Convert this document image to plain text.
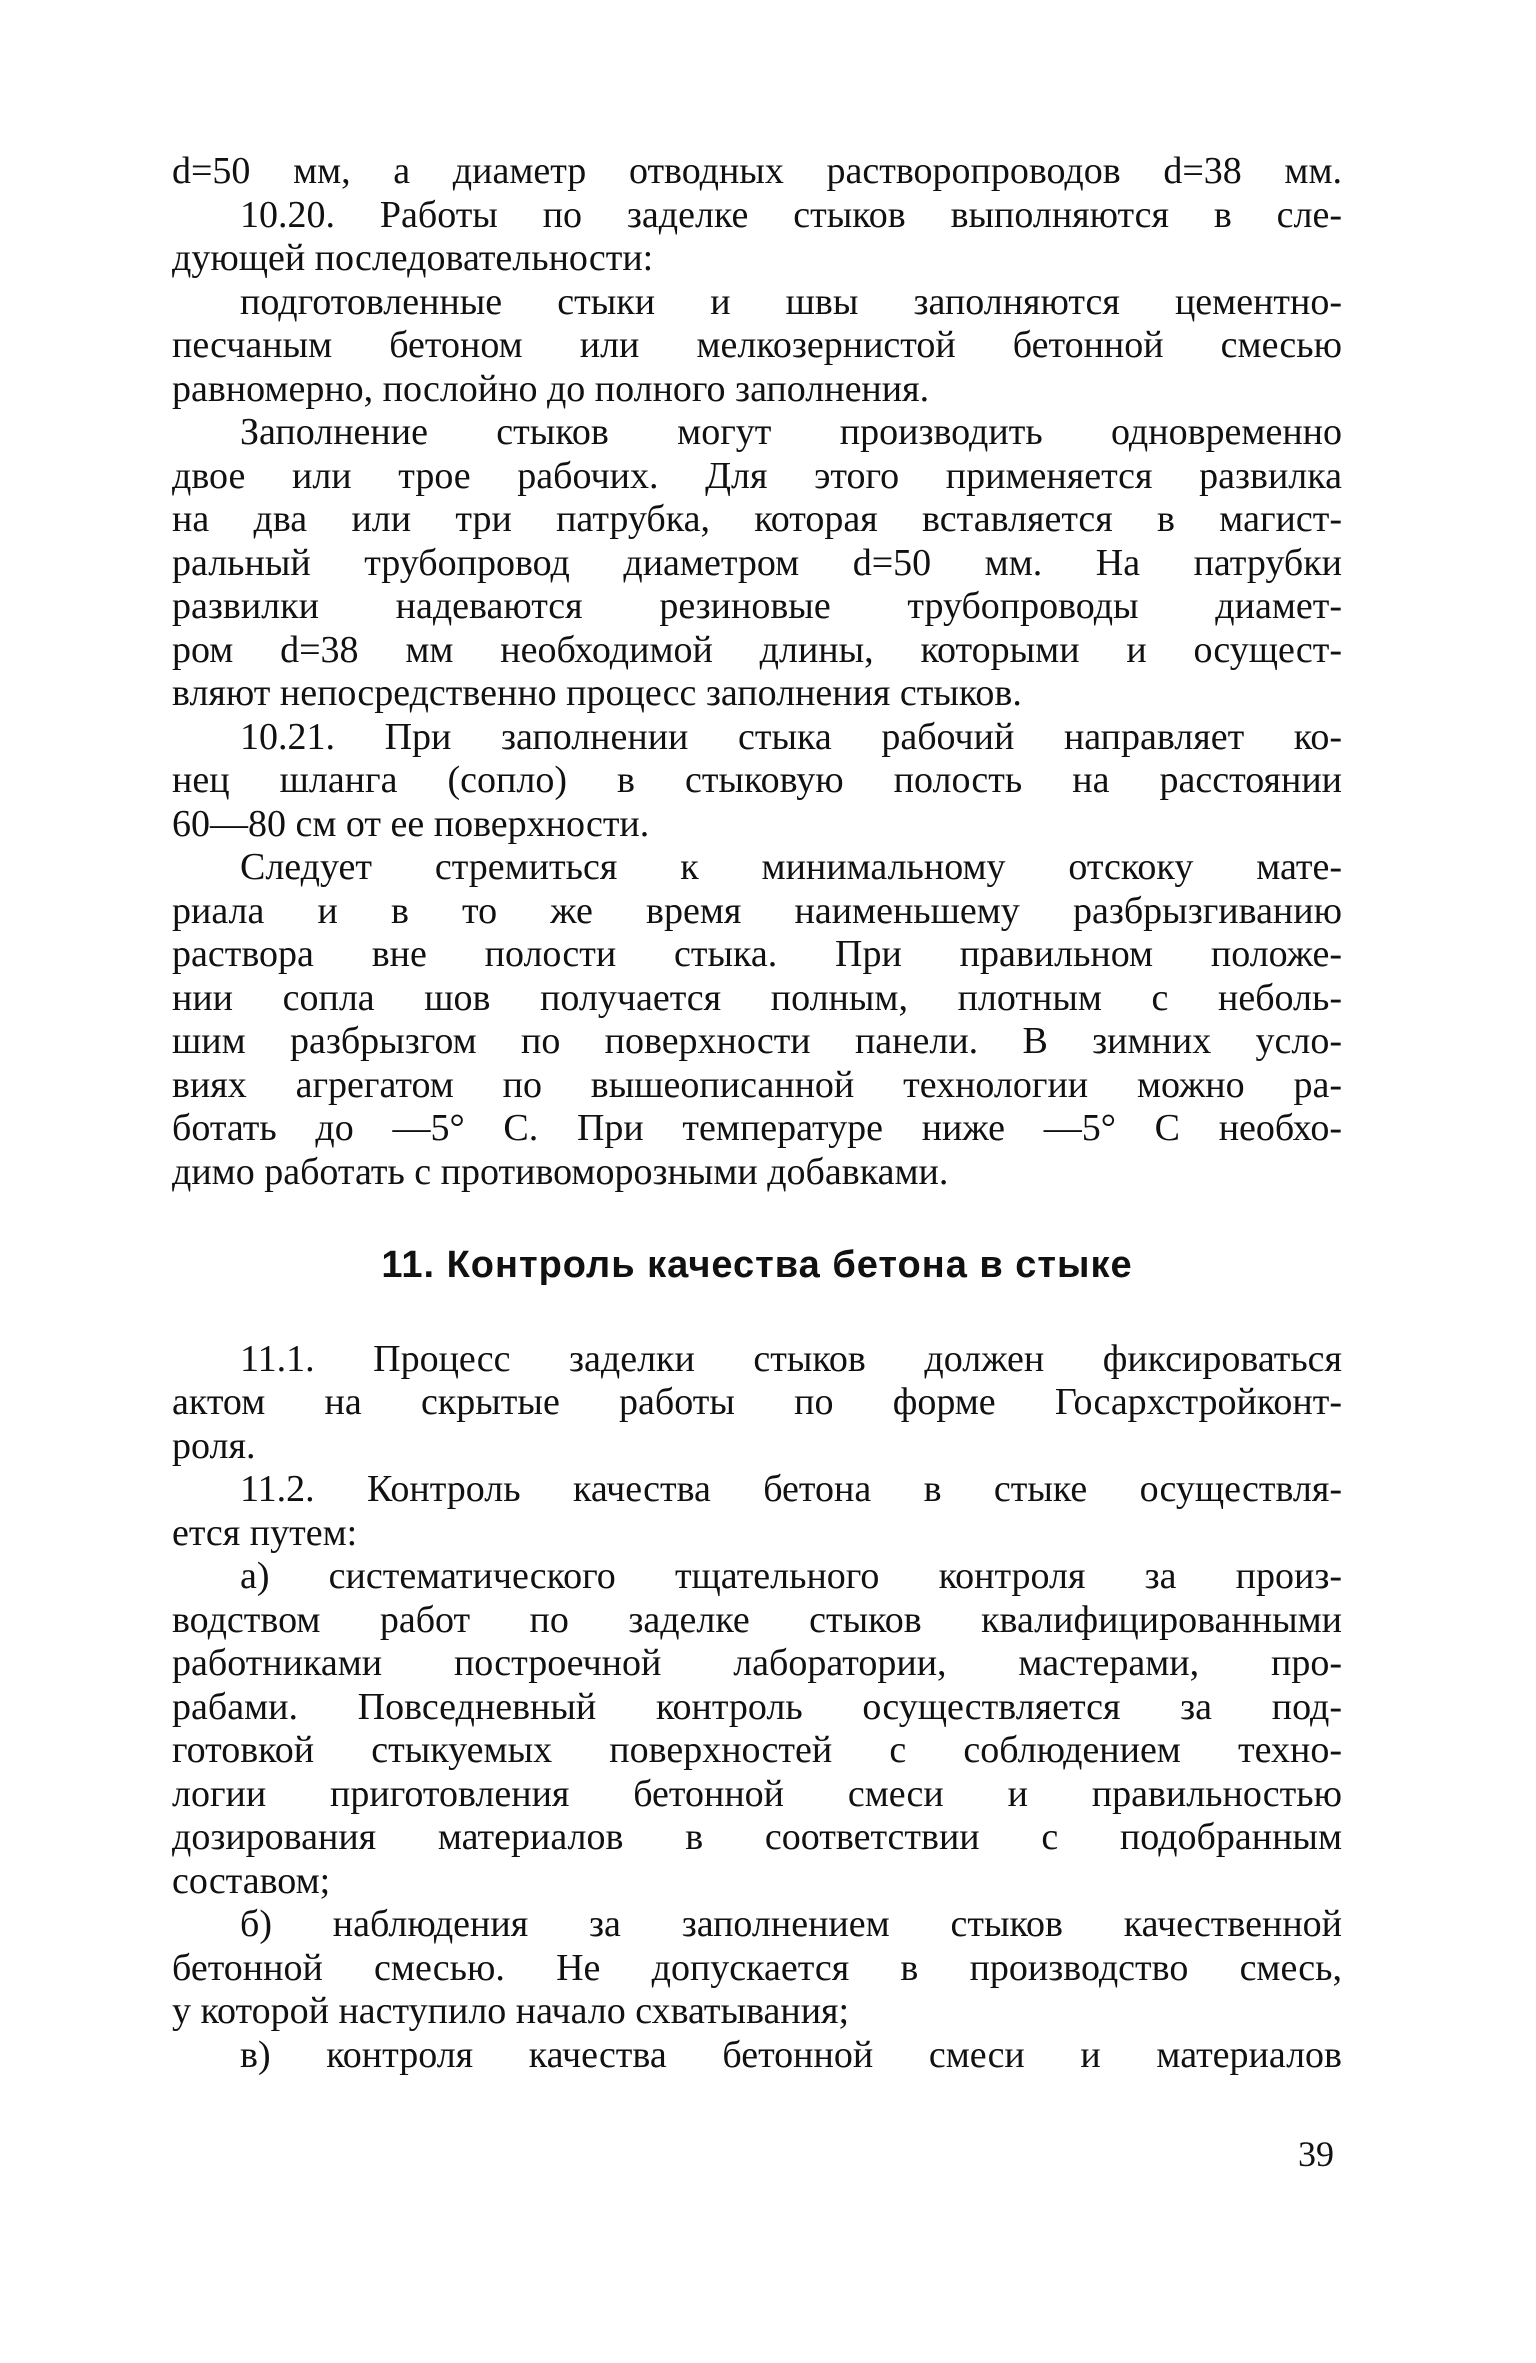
d=50 мм, а диаметр отводных растворопроводов d=38 мм.
10.20. Работы по заделке стыков выполняются в сле-
дующей последовательности:
подготовленные стыки и швы заполняются цементно-
песчаным бетоном или мелкозернистой бетонной смесью
равномерно, послойно до полного заполнения.
Заполнение стыков могут производить одновременно
двое или трое рабочих. Для этого применяется развилка
на два или три патрубка, которая вставляется в магист-
ральный трубопровод диаметром d=50 мм. На патрубки
развилки надеваются резиновые трубопроводы диамет-
ром d=38 мм необходимой длины, которыми и осущест-
вляют непосредственно процесс заполнения стыков.
10.21. При заполнении стыка рабочий направляет ко-
нец шланга (сопло) в стыковую полость на расстоянии
60—80 см от ее поверхности.
Следует стремиться к минимальному отскоку мате-
риала и в то же время наименьшему разбрызгиванию
раствора вне полости стыка. При правильном положе-
нии сопла шов получается полным, плотным с неболь-
шим разбрызгом по поверхности панели. В зимних усло-
виях агрегатом по вышеописанной технологии можно ра-
ботать до —5° С. При температуре ниже —5° С необхо-
димо работать с противоморозными добавками.
11. Контроль качества бетона в стыке
11.1. Процесс заделки стыков должен фиксироваться
актом на скрытые работы по форме Госархстройконт-
роля.
11.2. Контроль качества бетона в стыке осуществля-
ется путем:
а) систематического тщательного контроля за произ-
водством работ по заделке стыков квалифицированными
работниками построечной лаборатории, мастерами, про-
рабами. Повседневный контроль осуществляется за под-
готовкой стыкуемых поверхностей с соблюдением техно-
логии приготовления бетонной смеси и правильностью
дозирования материалов в соответствии с подобранным
составом;
б) наблюдения за заполнением стыков качественной
бетонной смесью. Не допускается в производство смесь,
у которой наступило начало схватывания;
в) контроля качества бетонной смеси и материалов
39
